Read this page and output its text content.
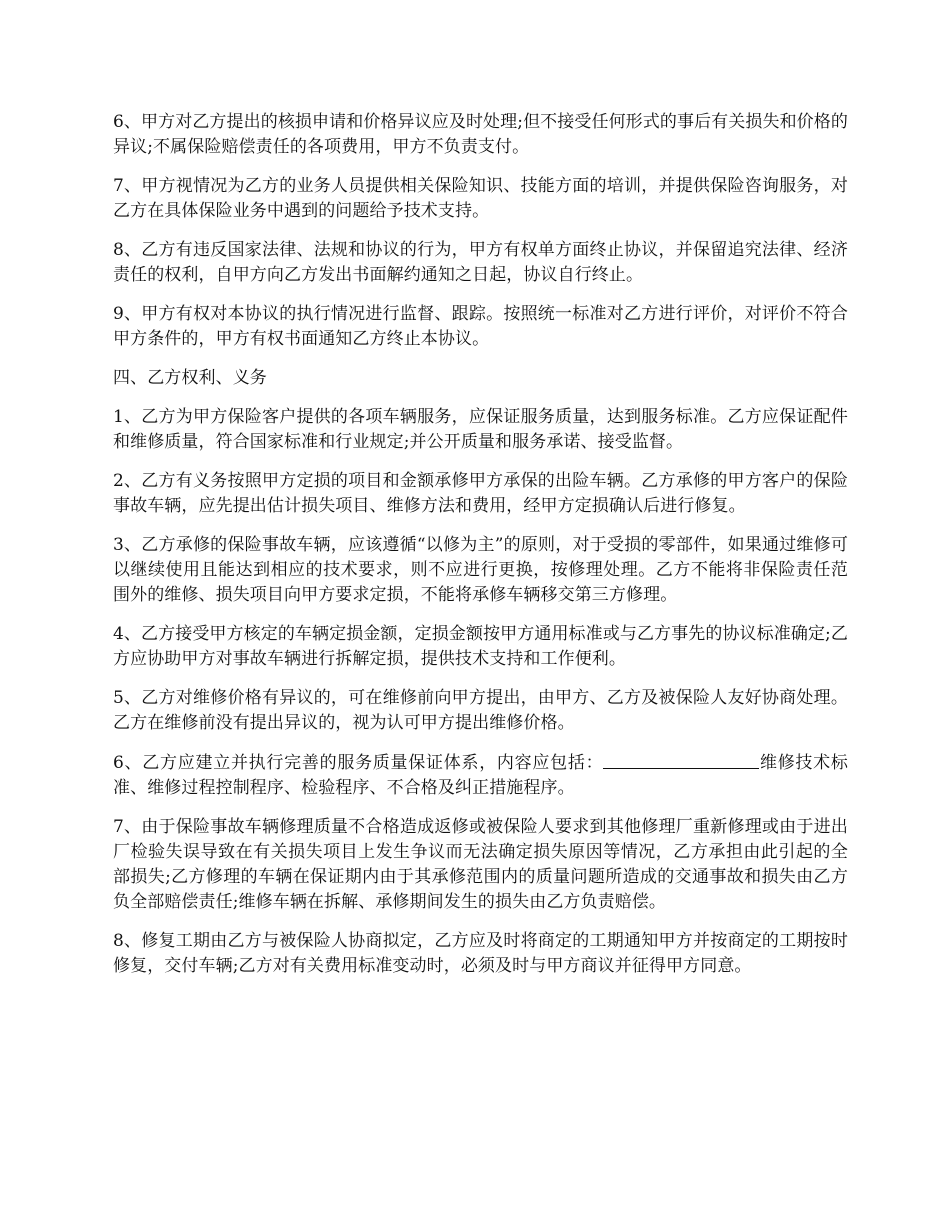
6、甲方对乙方提出的核损申请和价格异议应及时处理;但不接受任何形式的事后有关损失和价格的异议;不属保险赔偿责任的各项费用，甲方不负责支付。

7、甲方视情况为乙方的业务人员提供相关保险知识、技能方面的培训，并提供保险咨询服务，对乙方在具体保险业务中遇到的问题给予技术支持。

8、乙方有违反国家法律、法规和协议的行为，甲方有权单方面终止协议，并保留追究法律、经济责任的权利，自甲方向乙方发出书面解约通知之日起，协议自行终止。

9、甲方有权对本协议的执行情况进行监督、跟踪。按照统一标准对乙方进行评价，对评价不符合甲方条件的，甲方有权书面通知乙方终止本协议。

四、乙方权利、义务

1、乙方为甲方保险客户提供的各项车辆服务，应保证服务质量，达到服务标准。乙方应保证配件和维修质量，符合国家标准和行业规定;并公开质量和服务承诺、接受监督。

2、乙方有义务按照甲方定损的项目和金额承修甲方承保的出险车辆。乙方承修的甲方客户的保险事故车辆，应先提出估计损失项目、维修方法和费用，经甲方定损确认后进行修复。

3、乙方承修的保险事故车辆，应该遵循“以修为主”的原则，对于受损的零部件，如果通过维修可以继续使用且能达到相应的技术要求，则不应进行更换，按修理处理。乙方不能将非保险责任范围外的维修、损失项目向甲方要求定损，不能将承修车辆移交第三方修理。

4、乙方接受甲方核定的车辆定损金额，定损金额按甲方通用标准或与乙方事先的协议标准确定;乙方应协助甲方对事故车辆进行拆解定损，提供技术支持和工作便利。

5、乙方对维修价格有异议的，可在维修前向甲方提出，由甲方、乙方及被保险人友好协商处理。乙方在维修前没有提出异议的，视为认可甲方提出维修价格。

6、乙方应建立并执行完善的服务质量保证体系，内容应包括：	维修技术标准、维修过程控制程序、检验程序、不合格及纠正措施程序。

7、由于保险事故车辆修理质量不合格造成返修或被保险人要求到其他修理厂重新修理或由于进出厂检验失误导致在有关损失项目上发生争议而无法确定损失原因等情况，乙方承担由此引起的全部损失;乙方修理的车辆在保证期内由于其承修范围内的质量问题所造成的交通事故和损失由乙方负全部赔偿责任;维修车辆在拆解、承修期间发生的损失由乙方负责赔偿。

8、修复工期由乙方与被保险人协商拟定，乙方应及时将商定的工期通知甲方并按商定的工期按时修复，交付车辆;乙方对有关费用标准变动时，必须及时与甲方商议并征得甲方同意。
